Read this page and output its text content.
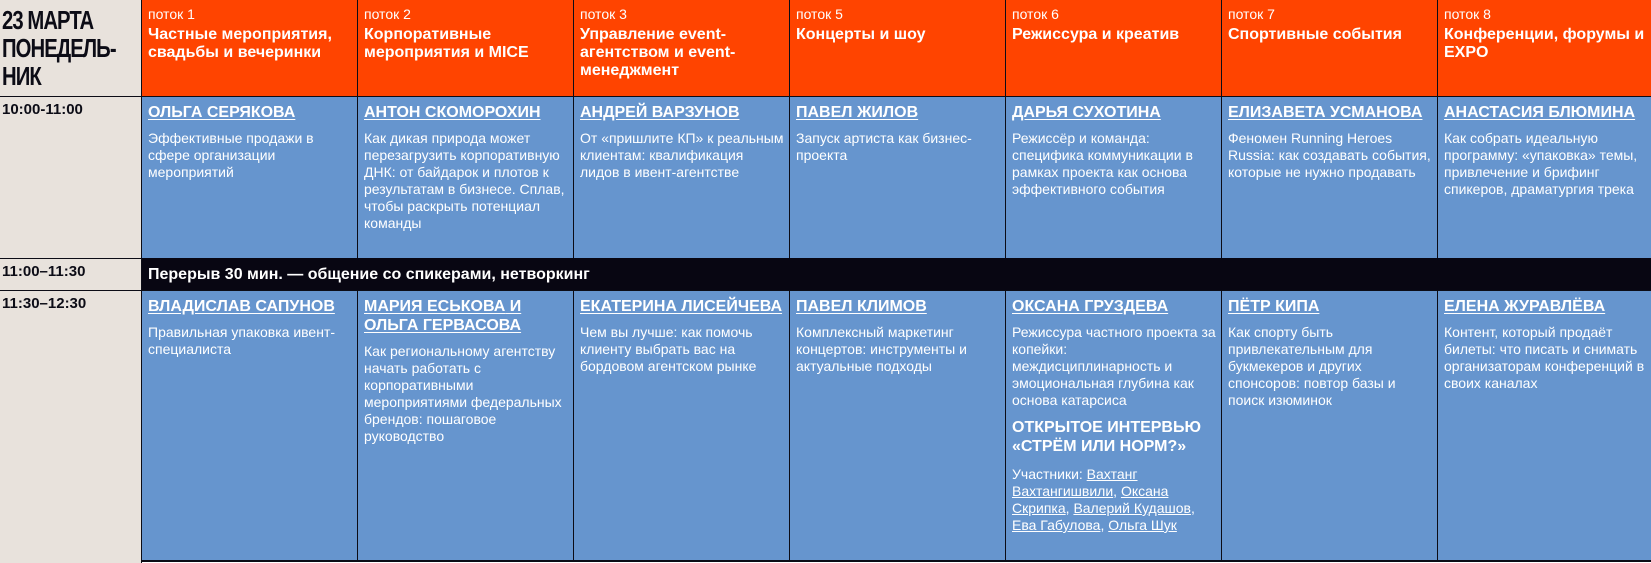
23 МАРТА
ПОНЕДЕЛЬ-
НИК
поток 1
Частные мероприятия, свадьбы и вечеринки
поток 2
Корпоративные мероприятия и MICE
поток 3
Управление event-агентством и event-менеджмент
поток 5
Концерты и шоу
поток 6
Режиссура и креатив
поток 7
Спортивные события
поток 8
Конференции, форумы и EXPO
10:00-11:00
11:00–11:30
11:30–12:30
ОЛЬГА СЕРЯКОВА
Эффективные продажи в сфере организации мероприятий
АНТОН СКОМОРОХИН
Как дикая природа может перезагрузить корпоративную ДНК: от байдарок и плотов к результатам в бизнесе. Сплав, чтобы раскрыть потенциал команды
АНДРЕЙ ВАРЗУНОВ
От «пришлите КП» к реальным клиентам: квалификация лидов в ивент-агентстве
ПАВЕЛ ЖИЛОВ
Запуск артиста как бизнес-проекта
ДАРЬЯ СУХОТИНА
Режиссёр и команда: специфика коммуникации в рамках проекта как основа эффективного события
ЕЛИЗАВЕТА УСМАНОВА
Феномен Running Heroes Russia: как создавать события, которые не нужно продавать
АНАСТАСИЯ БЛЮМИНА
Как собрать идеальную программу: «упаковка» темы, привлечение и брифинг спикеров, драматургия трека
Перерыв 30 мин. — общение со спикерами, нетворкинг
ВЛАДИСЛАВ САПУНОВ
Правильная упаковка ивент-специалиста
МАРИЯ ЕСЬКОВА И ОЛЬГА ГЕРВАСОВА
Как региональному агентству начать работать с корпоративными мероприятиями федеральных брендов: пошаговое руководство
ЕКАТЕРИНА ЛИСЕЙЧЕВА
Чем вы лучше: как помочь клиенту выбрать вас на бордовом агентском рынке
ПАВЕЛ КЛИМОВ
Комплексный маркетинг концертов: инструменты и актуальные подходы
ОКСАНА ГРУЗДЕВА
Режиссура частного проекта за копейки: междисциплинарность и эмоциональная глубина как основа катарсиса
ОТКРЫТОЕ ИНТЕРВЬЮ «СТРЁМ ИЛИ НОРМ?»
Участники: Вахтанг Вахтангишвили, Оксана Скрипка, Валерий Кудашов, Ева Габулова, Ольга Шук
ПЁТР КИПА
Как спорту быть привлекательным для букмекеров и других спонсоров: повтор базы и поиск изюминок
ЕЛЕНА ЖУРАВЛЁВА
Контент, который продаёт билеты: что писать и снимать организаторам конференций в своих каналах
